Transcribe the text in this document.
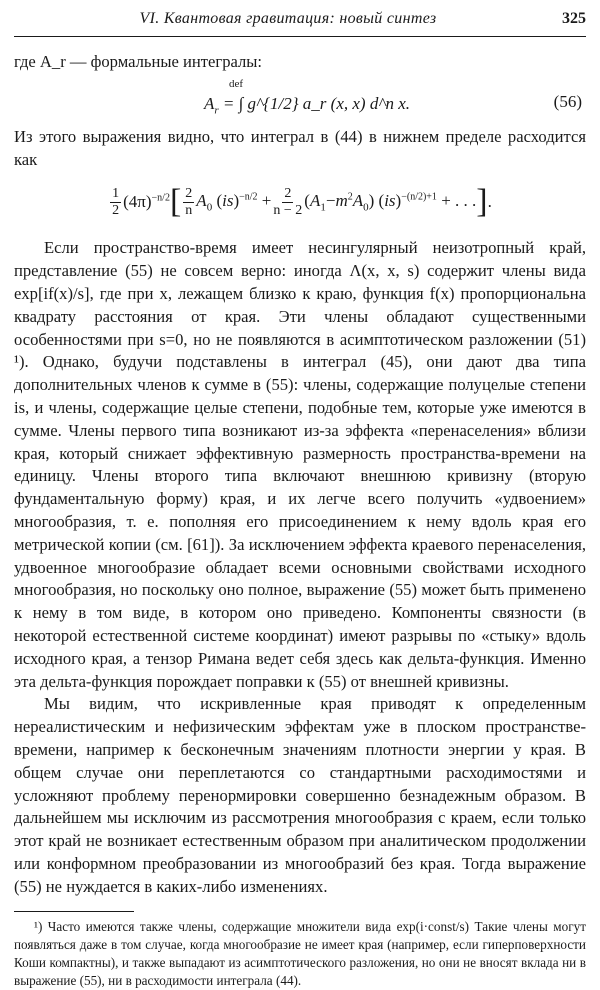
VI. Квантовая гравитация: новый синтез	325

где A_r — формальные интегралы:

def
$A_r$ = ∫ g^{1/2} a_r (x, x) d^n x.	(56)

Из этого выражения видно, что интеграл в (44) в нижнем пределе расходится как

$\frac{1}{2} (4\pi)^{-n/2}$ [ $\frac{2}{n} A_0$ $(is)^{-n/2} + \frac{2}{n - 2} (A_1-m^2A_0) (is)^{-(n/2)+1}$ + . . . ] .

Если пространство-время имеет несингулярный неизотропный край, представление (55) не совсем верно: иногда Λ(x, x, s) содержит члены вида exp[if(x)/s], где при x, лежащем близко к краю, функция f(x) пропорциональна квадрату расстояния от края. Эти члены обладают существенными особенностями при s=0, но не появляются в асимптотическом разложении (51) ¹). Однако, будучи подставлены в интеграл (45), они дают два типа дополнительных членов к сумме в (55): члены, содержащие полуцелые степени is, и члены, содержащие целые степени, подобные тем, которые уже имеются в сумме. Члены первого типа возникают из-за эффекта «перенаселения» вблизи края, который снижает эффективную размерность пространства-времени на единицу. Члены второго типа включают внешнюю кривизну (вторую фундаментальную форму) края, и их легче всего получить «удвоением» многообразия, т. е. пополняя его присоединением к нему вдоль края его метрической копии (см. [61]). За исключением эффекта краевого перенаселения, удвоенное многообразие обладает всеми основными свойствами исходного многообразия, но поскольку оно полное, выражение (55) может быть применено к нему в том виде, в котором оно приведено. Компоненты связности (в некоторой естественной системе координат) имеют разрывы по «стыку» вдоль исходного края, а тензор Римана ведет себя здесь как дельта-функция. Именно эта дельта-функция порождает поправки к (55) от внешней кривизны.

Мы видим, что искривленные края приводят к определенным нереалистическим и нефизическим эффектам уже в плоском пространстве-времени, например к бесконечным значениям плотности энергии у края. В общем случае они переплетаются со стандартными расходимостями и усложняют проблему перенормировки совершенно безнадежным образом. В дальнейшем мы исключим из рассмотрения многообразия с краем, если только этот край не возникает естественным образом при аналитическом продолжении или конформном преобразовании из многообразий без края. Тогда выражение (55) не нуждается в каких-либо изменениях.

¹) Часто имеются также члены, содержащие множители вида exp(i·const/s) Такие члены могут появляться даже в том случае, когда многообразие не имеет края (например, если гиперповерхности Коши компактны), и также выпадают из асимптотического разложения, но они не вносят вклада ни в выражение (55), ни в расходимости интеграла (44).
